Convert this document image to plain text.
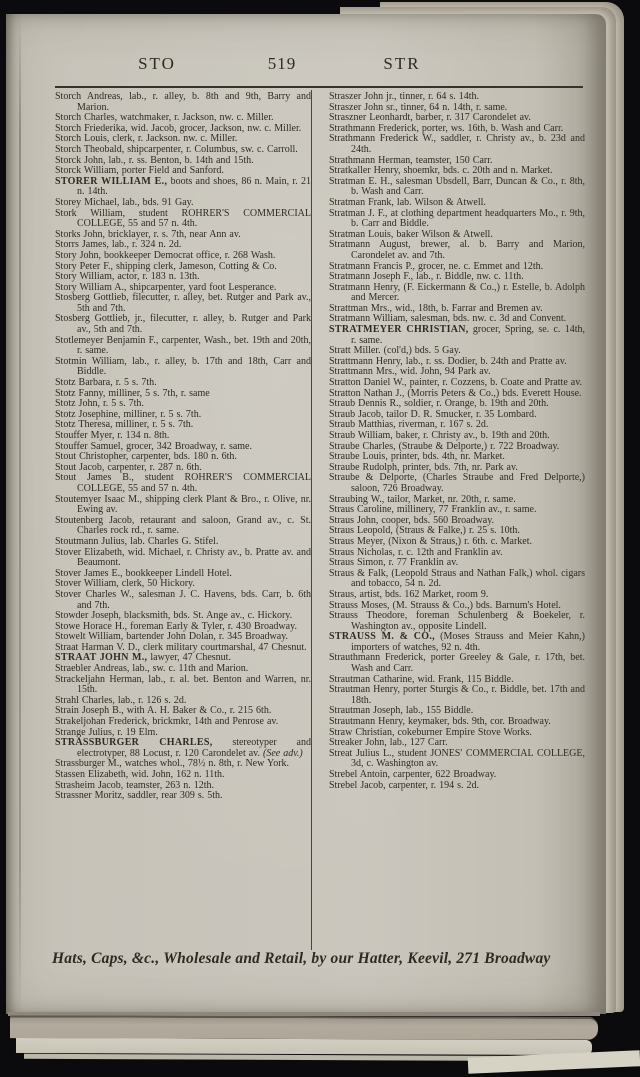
STO	519	STR
Storch Andreas, lab., r. alley, b. 8th and 9th, Barry and Marion.
Storch Charles, watchmaker, r. Jackson, nw. c. Miller.
Storch Friederika, wid. Jacob, grocer, Jackson, nw. c. Miller.
Storch Louis, clerk, r. Jackson. nw. c. Miller.
Storch Theobald, shipcarpenter, r. Columbus, sw. c. Carroll.
Storck John, lab., r. ss. Benton, b. 14th and 15th.
Storck William, porter Field and Sanford.
STORER WILLIAM E., boots and shoes, 86 n. Main, r. 21 n. 14th.
Storey Michael, lab., bds. 91 Gay.
Stork William, student ROHRER'S COMMERCIAL COLLEGE, 55 and 57 n. 4th.
Storks John, bricklayer, r. s. 7th, near Ann av.
Storrs James, lab., r. 324 n. 2d.
Story John, bookkeeper Democrat office, r. 268 Wash.
Story Peter F., shipping clerk, Jameson, Cotting & Co.
Story William, actor, r. 183 n. 13th.
Story William A., shipcarpenter, yard foot Lesperance.
Stosberg Gottlieb, filecutter, r. alley, bet. Rutger and Park av., 5th and 7th.
Stosberg Gottlieb, jr., filecutter, r. alley, b. Rutger and Park av., 5th and 7th.
Stotlemeyer Benjamin F., carpenter, Wash., bet. 19th and 20th, r. same.
Stotmin William, lab., r. alley, b. 17th and 18th, Carr and Biddle.
Stotz Barbara, r. 5 s. 7th.
Stotz Fanny, milliner, 5 s. 7th, r. same
Stotz John, r. 5 s. 7th.
Stotz Josephine, milliner, r. 5 s. 7th.
Stotz Theresa, milliner, r. 5 s. 7th.
Stouffer Myer, r. 134 n. 8th.
Stouffer Samuel, grocer, 342 Broadway, r. same.
Stout Christopher, carpenter, bds. 180 n. 6th.
Stout Jacob, carpenter, r. 287 n. 6th.
Stout James B., student ROHRER'S COMMERCIAL COLLEGE, 55 and 57 n. 4th.
Stoutemyer Isaac M., shipping clerk Plant & Bro., r. Olive, nr. Ewing av.
Stoutenberg Jacob, retaurant and saloon, Grand av., c. St. Charles rock rd., r. same.
Stoutmann Julius, lab. Charles G. Stifel.
Stover Elizabeth, wid. Michael, r. Christy av., b. Pratte av. and Beaumont.
Stover James E., bookkeeper Lindell Hotel.
Stover William, clerk, 50 Hickory.
Stover Charles W., salesman J. C. Havens, bds. Carr, b. 6th and 7th.
Stowder Joseph, blacksmith, bds. St. Ange av., c. Hickory.
Stowe Horace H., foreman Early & Tyler, r. 430 Broadway.
Stowelt William, bartender John Dolan, r. 345 Broadway.
Straat Harman V. D., clerk military courtmarshal, 47 Chesnut.
STRAAT JOHN M., lawyer, 47 Chesnut.
Straebler Andreas, lab., sw. c. 11th and Marion.
Strackeljahn Herman, lab., r. al. bet. Benton and Warren, nr. 15th.
Strahl Charles, lab., r. 126 s. 2d.
Strain Joseph B., with A. H. Baker & Co., r. 215 6th.
Strakeljohan Frederick, brickmkr, 14th and Penrose av.
Strange Julius, r. 19 Elm.
STRASSBURGER CHARLES, stereotyper and electrotyper, 88 Locust, r. 120 Carondelet av. (See adv.)
Strassburger M., watches whol., 78½ n. 8th, r. New York.
Stassen Elizabeth, wid. John, 162 n. 11th.
Strasheim Jacob, teamster, 263 n. 12th.
Strassner Moritz, saddler, rear 309 s. 5th.
Straszer John jr., tinner, r. 64 s. 14th.
Straszer John sr., tinner, 64 n. 14th, r. same.
Straszner Leonhardt, barber, r. 317 Carondelet av.
Strathmann Frederick, porter, ws. 16th, b. Wash and Carr.
Strathmann Frederick W., saddler, r. Christy av., b. 23d and 24th.
Strathmann Herman, teamster, 150 Carr.
Stratkaller Henry, shoemkr, bds. c. 20th and n. Market.
Stratman E. H., salesman Ubsdell, Barr, Duncan & Co., r. 8th, b. Wash and Carr.
Stratman Frank, lab. Wilson & Atwell.
Stratman J. F., at clothing department headquarters Mo., r. 9th, b. Carr and Biddle.
Stratman Louis, baker Wilson & Atwell.
Stratmann August, brewer, al. b. Barry and Marion, Carondelet av. and 7th.
Stratmann Francis P., grocer, ne. c. Emmet and 12th.
Stratmann Joseph F., lab., r. Biddle, nw. c. 11th.
Stratmann Henry, (F. Eickermann & Co.,) r. Estelle, b. Adolph and Mercer.
Strattman Mrs., wid., 18th, b. Farrar and Bremen av.
Stratmann William, salesman, bds. nw. c. 3d and Convent.
STRATMEYER CHRISTIAN, grocer, Spring, se. c. 14th, r. same.
Stratt Miller. (col'd,) bds. 5 Gay.
Strattmann Henry, lab., r. ss. Dodier, b. 24th and Pratte av.
Strattmann Mrs., wid. John, 94 Park av.
Stratton Daniel W., painter, r. Cozzens, b. Coate and Pratte av.
Stratton Nathan J., (Morris Peters & Co.,) bds. Everett House.
Straub Dennis R., soldier, r. Orange, b. 19th and 20th.
Straub Jacob, tailor D. R. Smucker, r. 35 Lombard.
Straub Matthias, riverman, r. 167 s. 2d.
Straub William, baker, r. Christy av., b. 19th and 20th.
Straube Charles, (Straube & Delporte,) r. 722 Broadway.
Straube Louis, printer, bds. 4th, nr. Market.
Straube Rudolph, printer, bds. 7th, nr. Park av.
Straube & Delporte, (Charles Straube and Fred Delporte,) saloon, 726 Broadway.
Straubing W., tailor, Market, nr. 20th, r. same.
Straus Caroline, millinery, 77 Franklin av., r. same.
Straus John, cooper, bds. 560 Broadway.
Straus Leopold, (Straus & Falke,) r. 25 s. 10th.
Straus Meyer, (Nixon & Straus,) r. 6th. c. Market.
Straus Nicholas, r. c. 12th and Franklin av.
Straus Simon, r. 77 Franklin av.
Straus & Falk, (Leopold Straus and Nathan Falk,) whol. cigars and tobacco, 54 n. 2d.
Straus, artist, bds. 162 Market, room 9.
Strauss Moses, (M. Strauss & Co.,) bds. Barnum's Hotel.
Strauss Theodore, foreman Schulenberg & Boekeler, r. Washington av., opposite Lindell.
STRAUSS M. & CO., (Moses Strauss and Meier Kahn,) importers of watches, 92 n. 4th.
Strauthmann Frederick, porter Greeley & Gale, r. 17th, bet. Wash and Carr.
Strautman Catharine, wid. Frank, 115 Biddle.
Strautman Henry, porter Sturgis & Co., r. Biddle, bet. 17th and 18th.
Strautman Joseph, lab., 155 Biddle.
Strautmann Henry, keymaker, bds. 9th, cor. Broadway.
Straw Christian, cokeburner Empire Stove Works.
Streaker John, lab., 127 Carr.
Streat Julius L., student JONES' COMMERCIAL COLLEGE, 3d, c. Washington av.
Strebel Antoin, carpenter, 622 Broadway.
Strebel Jacob, carpenter, r. 194 s. 2d.
Hats, Caps, &c., Wholesale and Retail, by our Hatter, Keevil, 271 Broadway
